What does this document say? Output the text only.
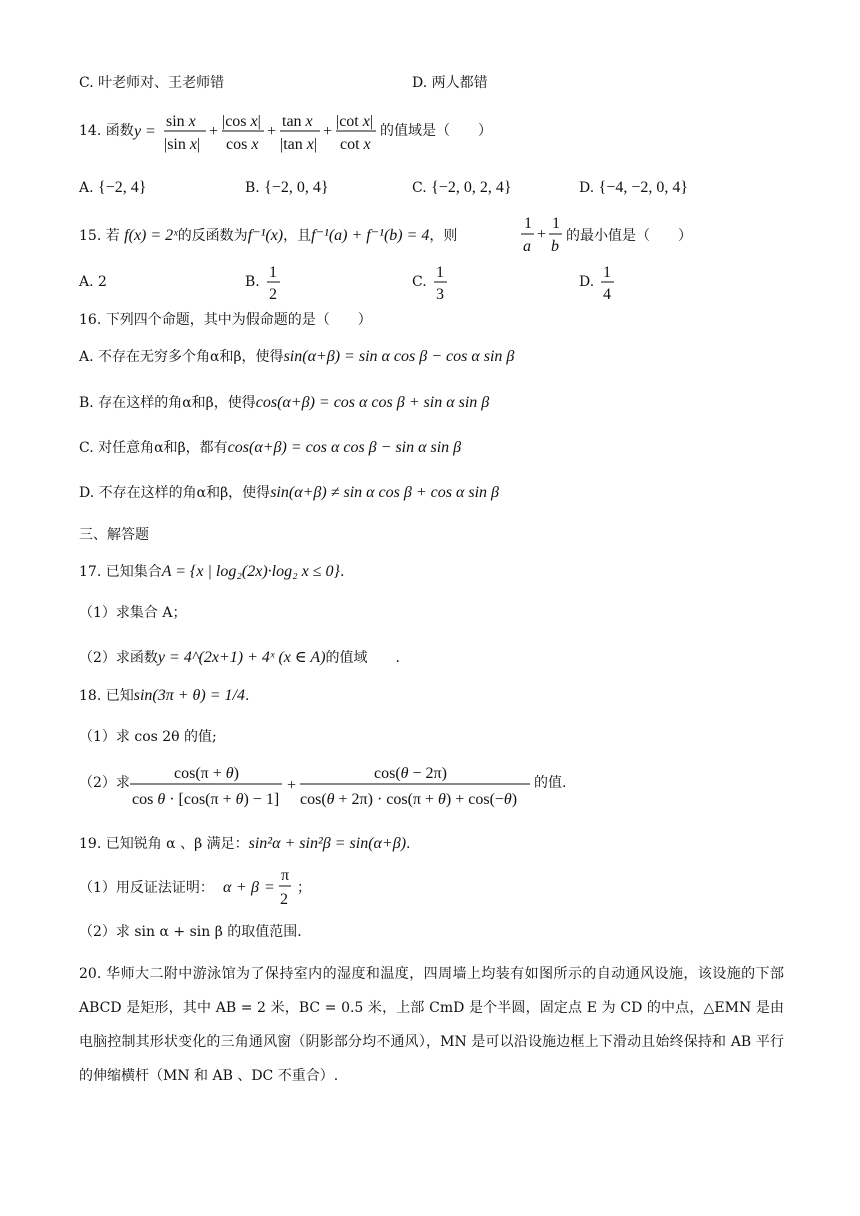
C. 叶老师对、王老师错	D. 两人都错
14. 函数 y =
sin x
|sin x|
+
|cos x|
cos x
+
tan x
|tan x|
+
|cot x|
cot x
的值域是（　　）
A. {−2, 4}	B. {−2, 0, 4}	C. {−2, 0, 2, 4}	D. {−4, −2, 0, 4}
15. 若 f(x) = 2ˣ的反函数为f⁻¹(x)，且f⁻¹(a) + f⁻¹(b) = 4，则
1
a
+
1
b
的最小值是（　　）
A. 2	B.
1
2
C.
1
3
D.
1
4
16. 下列四个命题，其中为假命题的是（　　）
A. 不存在无穷多个角α和β，使得sin(α+β) = sin α cos β − cos α sin β
B. 存在这样的角α和β，使得cos(α+β) = cos α cos β + sin α sin β
C. 对任意角α和β，都有cos(α+β) = cos α cos β − sin α sin β
D. 不存在这样的角α和β，使得sin(α+β) ≠ sin α cos β + cos α sin β
三、解答题
17. 已知集合A = {x | log₂(2x)·log₂ x ≤ 0}.
（1）求集合 A；
（2）求函数y = 4^(2x+1) + 4ˣ (x ∈ A)的值域　　.
18. 已知sin(3π + θ) = 1/4.
（1）求 cos 2θ 的值;
（2）求
cos(π + θ)
cos θ · [cos(π + θ) − 1]
+
cos(θ − 2π)
cos(θ + 2π) · cos(π + θ) + cos(−θ)
的值.
19. 已知锐角 α 、β 满足：sin²α + sin²β = sin(α+β).
（1）用反证法证明： α + β =
π
2
；
（2）求 sin α + sin β 的取值范围.
20. 华师大二附中游泳馆为了保持室内的湿度和温度，四周墙上均装有如图所示的自动通风设施，该设施的下部 ABCD 是矩形，其中 AB = 2 米，BC = 0.5 米，上部 CmD 是个半圆，固定点 E 为 CD 的中点，△EMN 是由电脑控制其形状变化的三角通风窗（阴影部分均不通风），MN 是可以沿设施边框上下滑动且始终保持和 AB 平行的伸缩横杆（MN 和 AB 、DC 不重合）.
